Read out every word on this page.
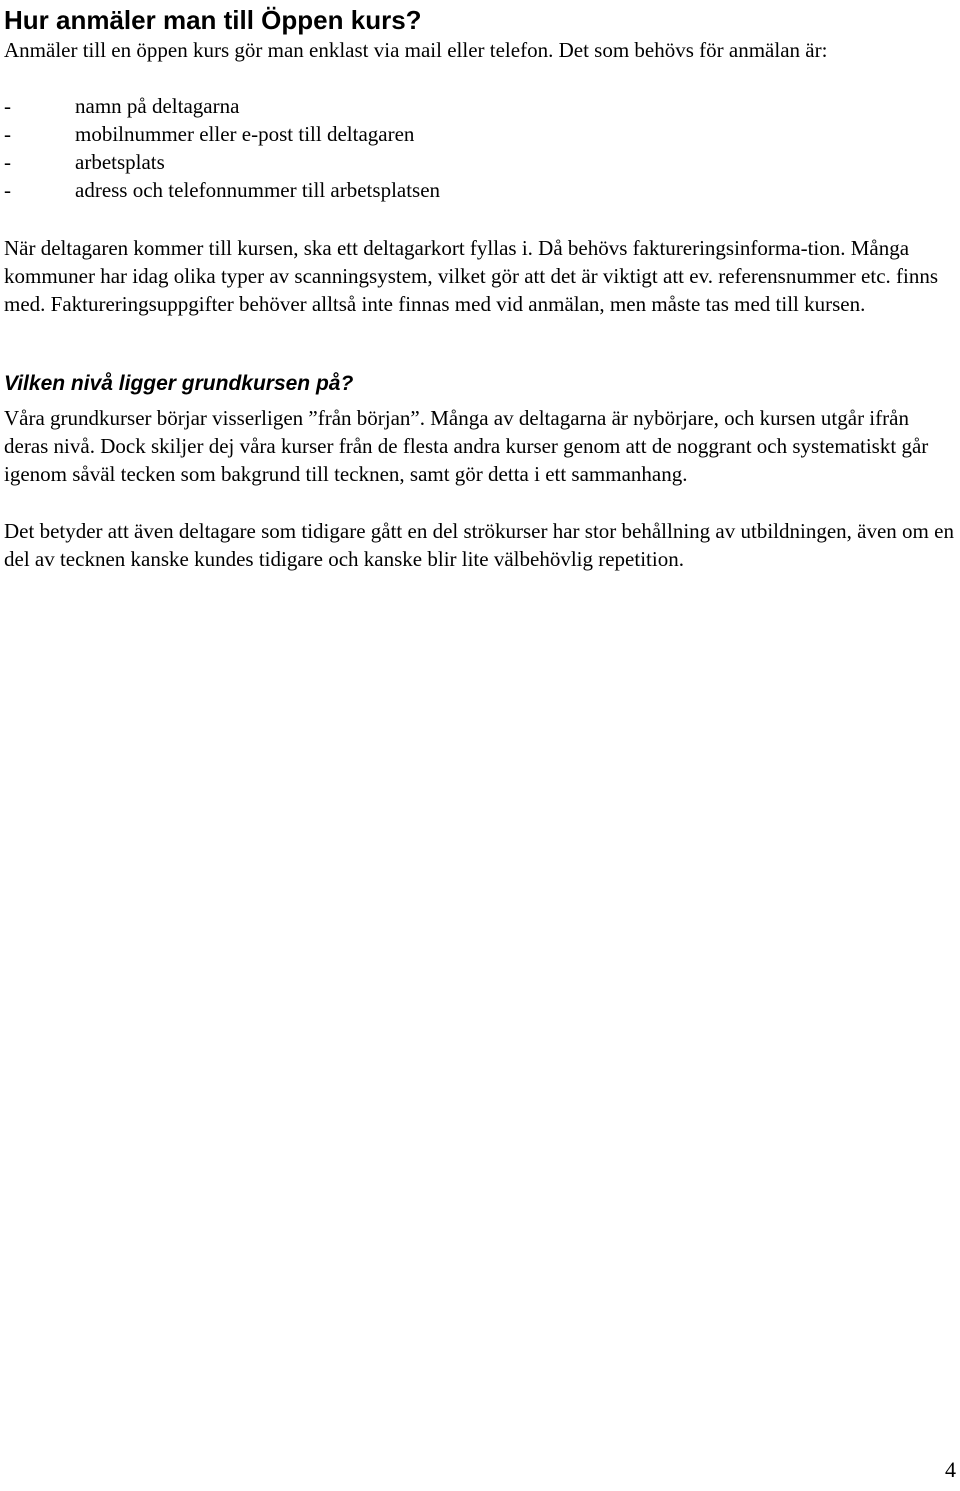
Hur anmäler man till Öppen kurs?

Anmäler till en öppen kurs gör man enklast via mail eller telefon. Det som behövs för anmälan är:

-	namn på deltagarna
-	mobilnummer eller e-post till deltagaren
-	arbetsplats
-	adress och telefonnummer till arbetsplatsen

När deltagaren kommer till kursen, ska ett deltagarkort fyllas i. Då behövs faktureringsinforma-tion. Många kommuner har idag olika typer av scanningsystem, vilket gör att det är viktigt att ev. referensnummer etc. finns med. Faktureringsuppgifter behöver alltså inte finnas med vid anmälan, men måste tas med till kursen.

Vilken nivå ligger grundkursen på?

Våra grundkurser börjar visserligen ”från början”. Många av deltagarna är nybörjare, och kursen utgår ifrån deras nivå. Dock skiljer dej våra kurser från de flesta andra kurser genom att de noggrant och systematiskt går igenom såväl tecken som bakgrund till tecknen, samt gör detta i ett sammanhang.

Det betyder att även deltagare som tidigare gått en del strökurser har stor behållning av utbildningen, även om en del av tecknen kanske kundes tidigare och kanske blir lite välbehövlig repetition.

4
